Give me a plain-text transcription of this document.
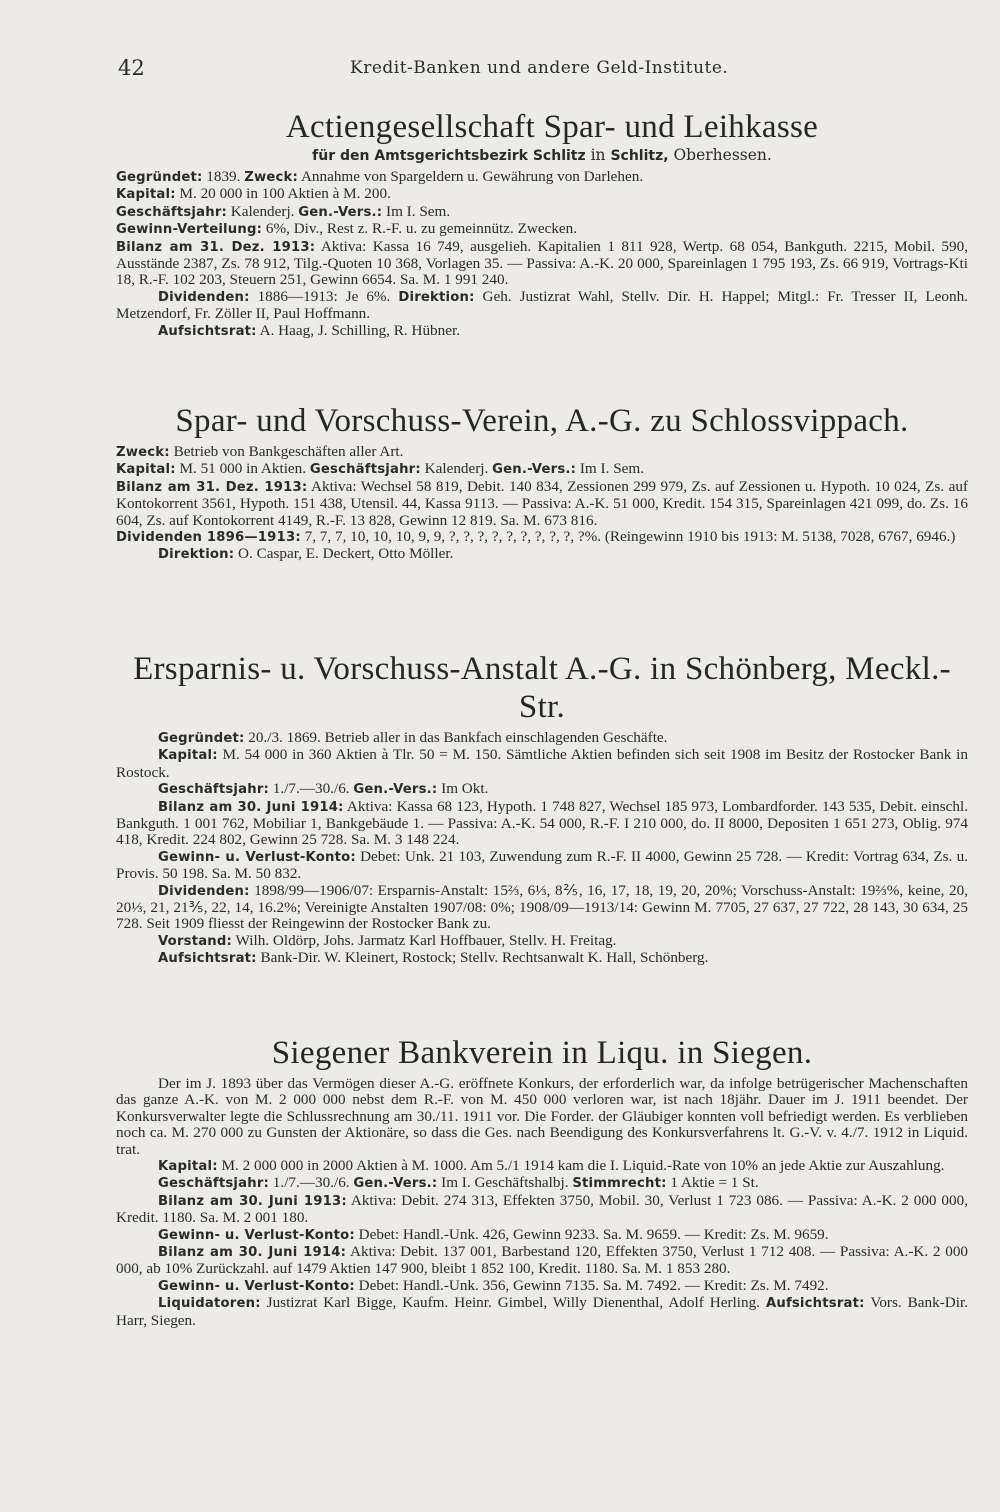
42	Kredit-Banken und andere Geld-Institute.
Actiengesellschaft Spar- und Leihkasse
für den Amtsgerichtsbezirk Schlitz in Schlitz, Oberhessen.

Gegründet: 1839. Zweck: Annahme von Spargeldern u. Gewährung von Darlehen.

Kapital: M. 20 000 in 100 Aktien à M. 200.

Geschäftsjahr: Kalenderj. Gen.-Vers.: Im I. Sem.

Gewinn-Verteilung: 6%, Div., Rest z. R.-F. u. zu gemeinnütz. Zwecken.

Bilanz am 31. Dez. 1913: Aktiva: Kassa 16 749, ausgelieh. Kapitalien 1 811 928, Wertp. 68 054, Bankguth. 2215, Mobil. 590, Ausstände 2387, Zs. 78 912, Tilg.-Quoten 10 368, Vorlagen 35. — Passiva: A.-K. 20 000, Spareinlagen 1 795 193, Zs. 66 919, Vortrags-Kti 18, R.-F. 102 203, Steuern 251, Gewinn 6654. Sa. M. 1 991 240.

Dividenden: 1886—1913: Je 6%. Direktion: Geh. Justizrat Wahl, Stellv. Dir. H. Happel; Mitgl.: Fr. Tresser II, Leonh. Metzendorf, Fr. Zöller II, Paul Hoffmann.

Aufsichtsrat: A. Haag, J. Schilling, R. Hübner.

Spar- und Vorschuss-Verein, A.-G. zu Schlossvippach.

Zweck: Betrieb von Bankgeschäften aller Art.

Kapital: M. 51 000 in Aktien. Geschäftsjahr: Kalenderj. Gen.-Vers.: Im I. Sem.

Bilanz am 31. Dez. 1913: Aktiva: Wechsel 58 819, Debit. 140 834, Zessionen 299 979, Zs. auf Zessionen u. Hypoth. 10 024, Zs. auf Kontokorrent 3561, Hypoth. 151 438, Utensil. 44, Kassa 9113. — Passiva: A.-K. 51 000, Kredit. 154 315, Spareinlagen 421 099, do. Zs. 16 604, Zs. auf Kontokorrent 4149, R.-F. 13 828, Gewinn 12 819. Sa. M. 673 816.

Dividenden 1896—1913: 7, 7, 7, 10, 10, 10, 9, 9, ?, ?, ?, ?, ?, ?, ?, ?, ?, ?%. (Reingewinn 1910 bis 1913: M. 5138, 7028, 6767, 6946.)

Direktion: O. Caspar, E. Deckert, Otto Möller.

Ersparnis- u. Vorschuss-Anstalt A.-G. in Schönberg, Meckl.-Str.

Gegründet: 20./3. 1869. Betrieb aller in das Bankfach einschlagenden Geschäfte.

Kapital: M. 54 000 in 360 Aktien à Tlr. 50 = M. 150. Sämtliche Aktien befinden sich seit 1908 im Besitz der Rostocker Bank in Rostock.

Geschäftsjahr: 1./7.—30./6. Gen.-Vers.: Im Okt.

Bilanz am 30. Juni 1914: Aktiva: Kassa 68 123, Hypoth. 1 748 827, Wechsel 185 973, Lombardforder. 143 535, Debit. einschl. Bankguth. 1 001 762, Mobiliar 1, Bankgebäude 1. — Passiva: A.-K. 54 000, R.-F. I 210 000, do. II 8000, Depositen 1 651 273, Oblig. 974 418, Kredit. 224 802, Gewinn 25 728. Sa. M. 3 148 224.

Gewinn- u. Verlust-Konto: Debet: Unk. 21 103, Zuwendung zum R.-F. II 4000, Gewinn 25 728. — Kredit: Vortrag 634, Zs. u. Provis. 50 198. Sa. M. 50 832.

Dividenden: 1898/99—1906/07: Ersparnis-Anstalt: 15⅔, 6⅓, 8⅖, 16, 17, 18, 19, 20, 20%; Vorschuss-Anstalt: 19⅔%, keine, 20, 20⅓, 21, 21⅗, 22, 14, 16.2%; Vereinigte Anstalten 1907/08: 0%; 1908/09—1913/14: Gewinn M. 7705, 27 637, 27 722, 28 143, 30 634, 25 728. Seit 1909 fliesst der Reingewinn der Rostocker Bank zu.

Vorstand: Wilh. Oldörp, Johs. Jarmatz Karl Hoffbauer, Stellv. H. Freitag.

Aufsichtsrat: Bank-Dir. W. Kleinert, Rostock; Stellv. Rechtsanwalt K. Hall, Schönberg.

Siegener Bankverein in Liqu. in Siegen.

Der im J. 1893 über das Vermögen dieser A.-G. eröffnete Konkurs, der erforderlich war, da infolge betrügerischer Machenschaften das ganze A.-K. von M. 2 000 000 nebst dem R.-F. von M. 450 000 verloren war, ist nach 18jähr. Dauer im J. 1911 beendet. Der Konkursverwalter legte die Schlussrechnung am 30./11. 1911 vor. Die Forder. der Gläubiger konnten voll befriedigt werden. Es verblieben noch ca. M. 270 000 zu Gunsten der Aktionäre, so dass die Ges. nach Beendigung des Konkursverfahrens lt. G.-V. v. 4./7. 1912 in Liquid. trat.

Kapital: M. 2 000 000 in 2000 Aktien à M. 1000. Am 5./1 1914 kam die I. Liquid.-Rate von 10% an jede Aktie zur Auszahlung.

Geschäftsjahr: 1./7.—30./6. Gen.-Vers.: Im I. Geschäftshalbj. Stimmrecht: 1 Aktie = 1 St.

Bilanz am 30. Juni 1913: Aktiva: Debit. 274 313, Effekten 3750, Mobil. 30, Verlust 1 723 086. — Passiva: A.-K. 2 000 000, Kredit. 1180. Sa. M. 2 001 180.

Gewinn- u. Verlust-Konto: Debet: Handl.-Unk. 426, Gewinn 9233. Sa. M. 9659. — Kredit: Zs. M. 9659.

Bilanz am 30. Juni 1914: Aktiva: Debit. 137 001, Barbestand 120, Effekten 3750, Verlust 1 712 408. — Passiva: A.-K. 2 000 000, ab 10% Zurückzahl. auf 1479 Aktien 147 900, bleibt 1 852 100, Kredit. 1180. Sa. M. 1 853 280.

Gewinn- u. Verlust-Konto: Debet: Handl.-Unk. 356, Gewinn 7135. Sa. M. 7492. — Kredit: Zs. M. 7492.

Liquidatoren: Justizrat Karl Bigge, Kaufm. Heinr. Gimbel, Willy Dienenthal, Adolf Herling. Aufsichtsrat: Vors. Bank-Dir. Harr, Siegen.
